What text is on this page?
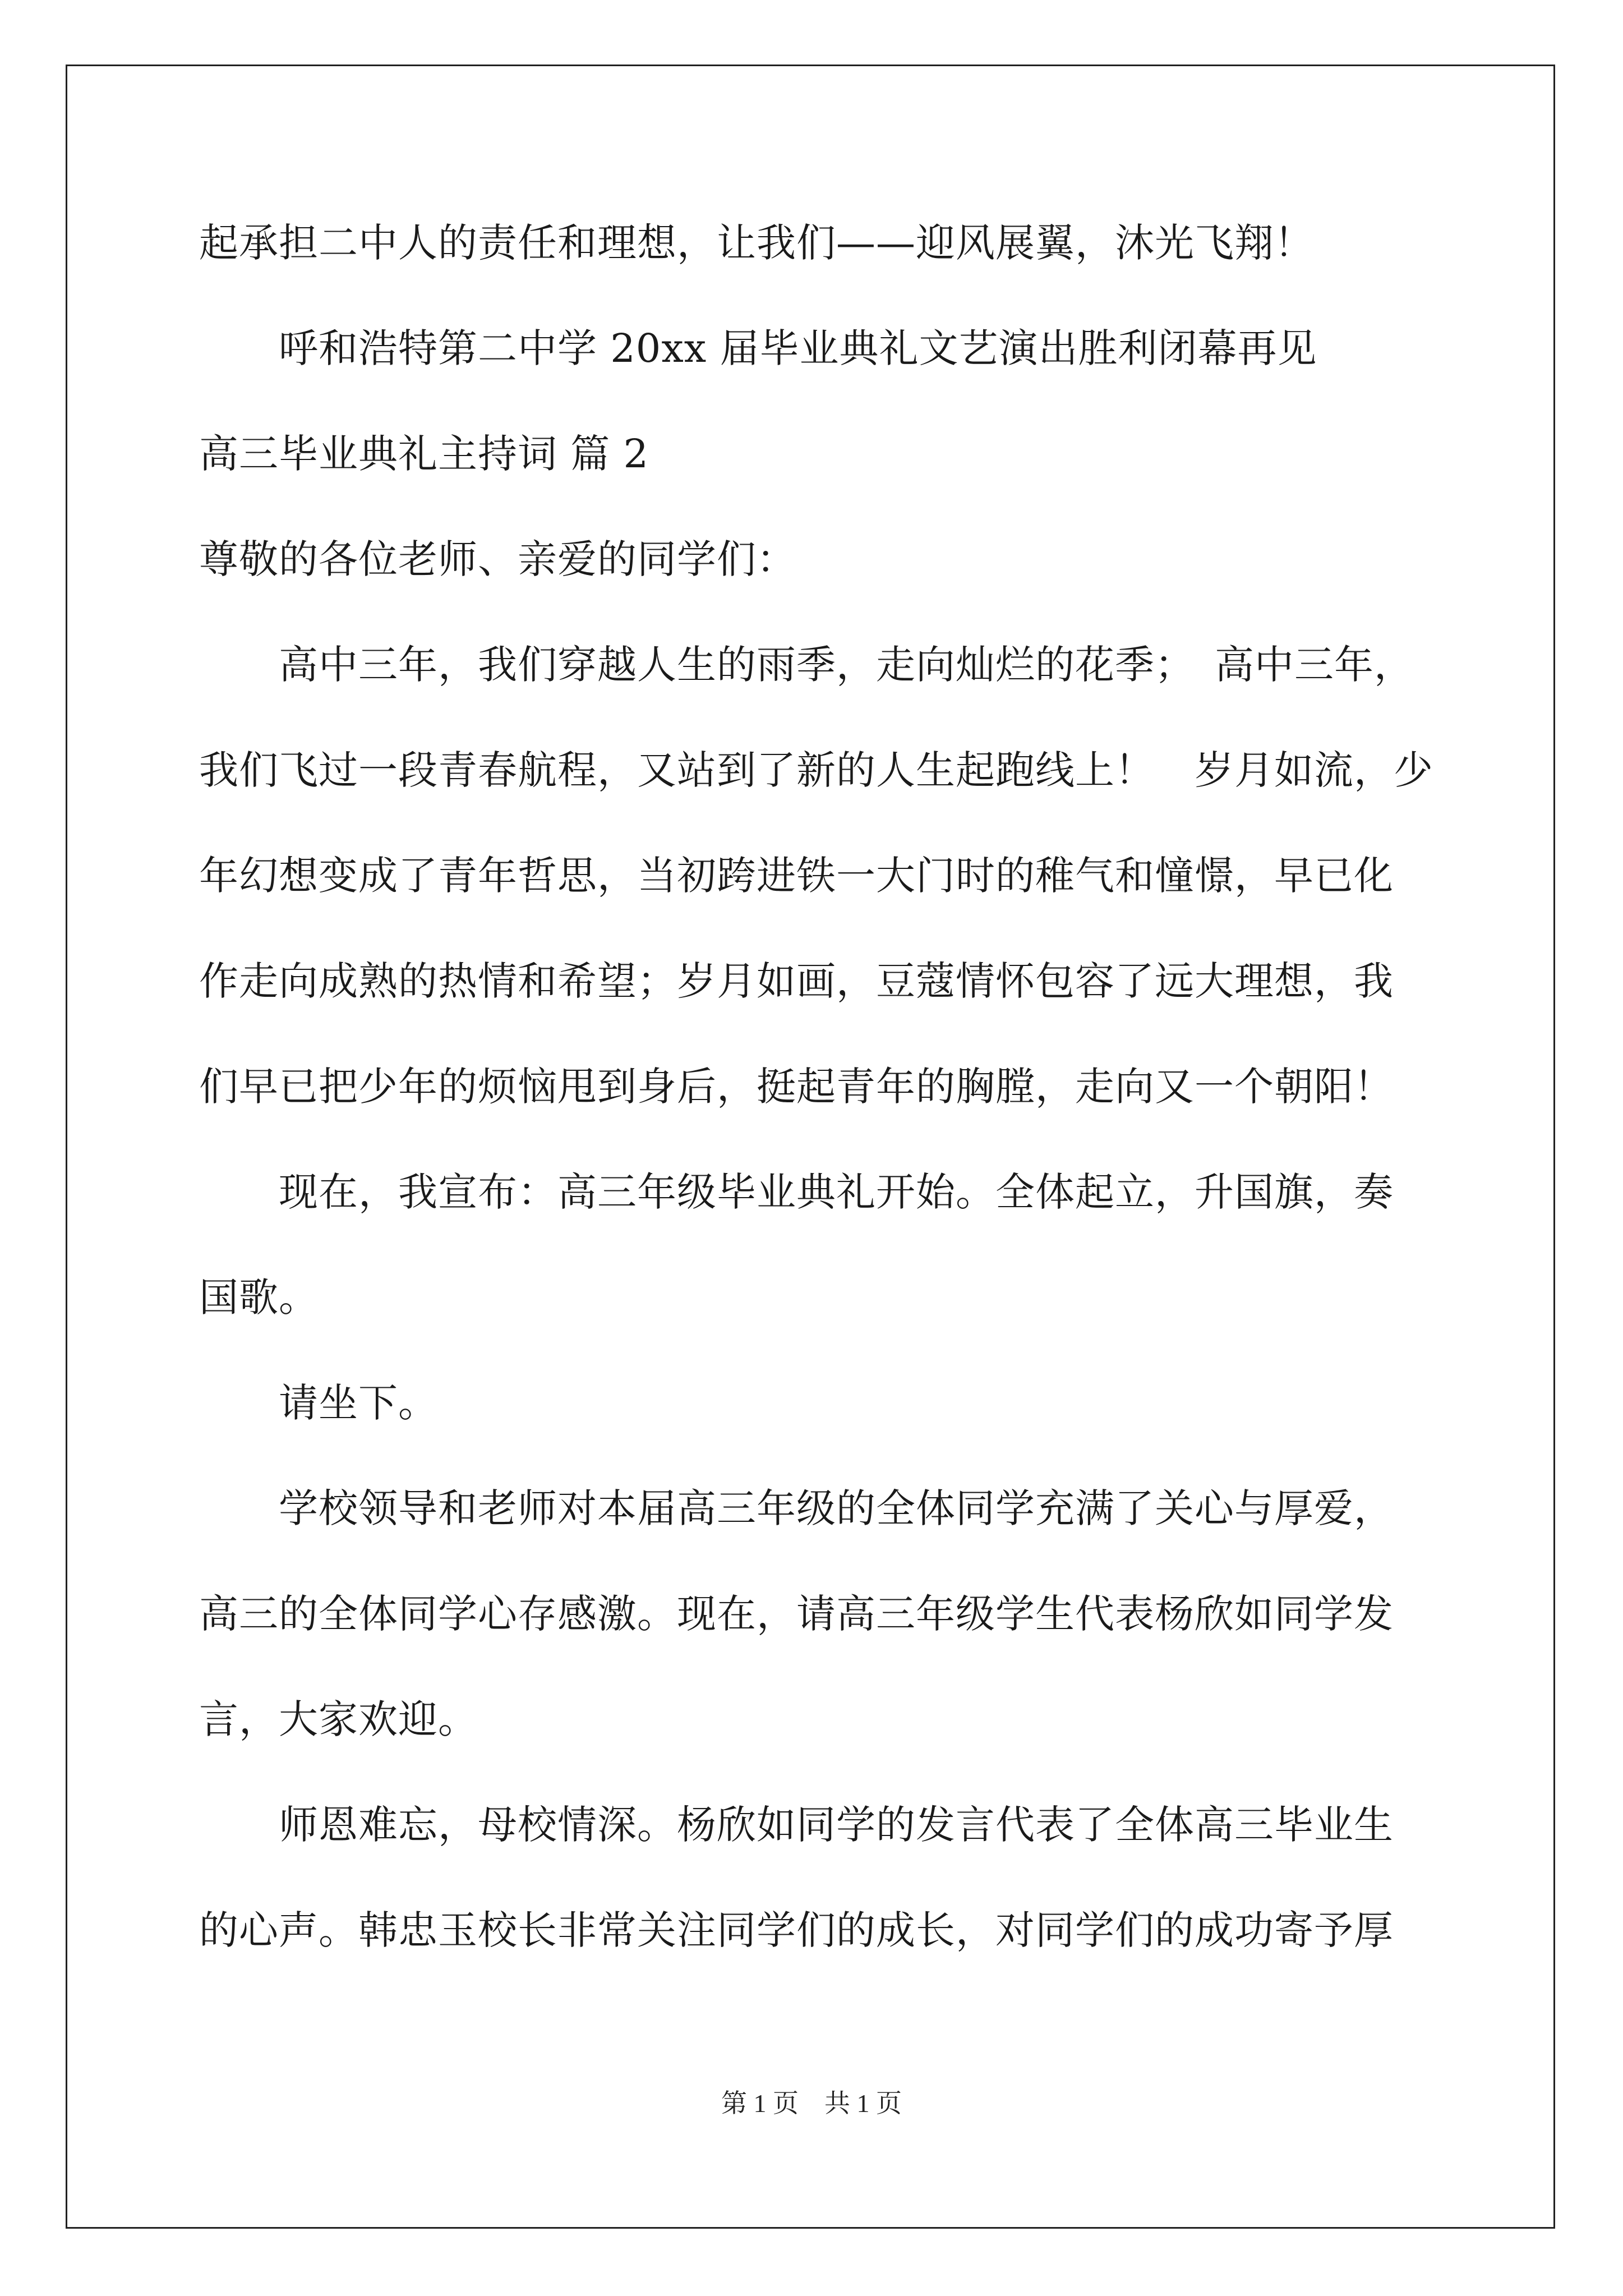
起承担二中人的责任和理想，让我们——迎风展翼，沐光飞翔！

　　呼和浩特第二中学 20xx 届毕业典礼文艺演出胜利闭幕再见

高三毕业典礼主持词 篇 2

尊敬的各位老师、亲爱的同学们：

　　高中三年，我们穿越人生的雨季，走向灿烂的花季；　高中三年，

我们飞过一段青春航程，又站到了新的人生起跑线上！　岁月如流，少

年幻想变成了青年哲思，当初跨进铁一大门时的稚气和憧憬，早已化

作走向成熟的热情和希望；岁月如画，豆蔻情怀包容了远大理想，我

们早已把少年的烦恼甩到身后，挺起青年的胸膛，走向又一个朝阳！

　　现在，我宣布：高三年级毕业典礼开始。全体起立，升国旗，奏

国歌。

　　请坐下。

　　学校领导和老师对本届高三年级的全体同学充满了关心与厚爱，

高三的全体同学心存感激。现在，请高三年级学生代表杨欣如同学发

言，大家欢迎。

　　师恩难忘，母校情深。杨欣如同学的发言代表了全体高三毕业生

的心声。韩忠玉校长非常关注同学们的成长，对同学们的成功寄予厚

第 1 页　共 1 页
